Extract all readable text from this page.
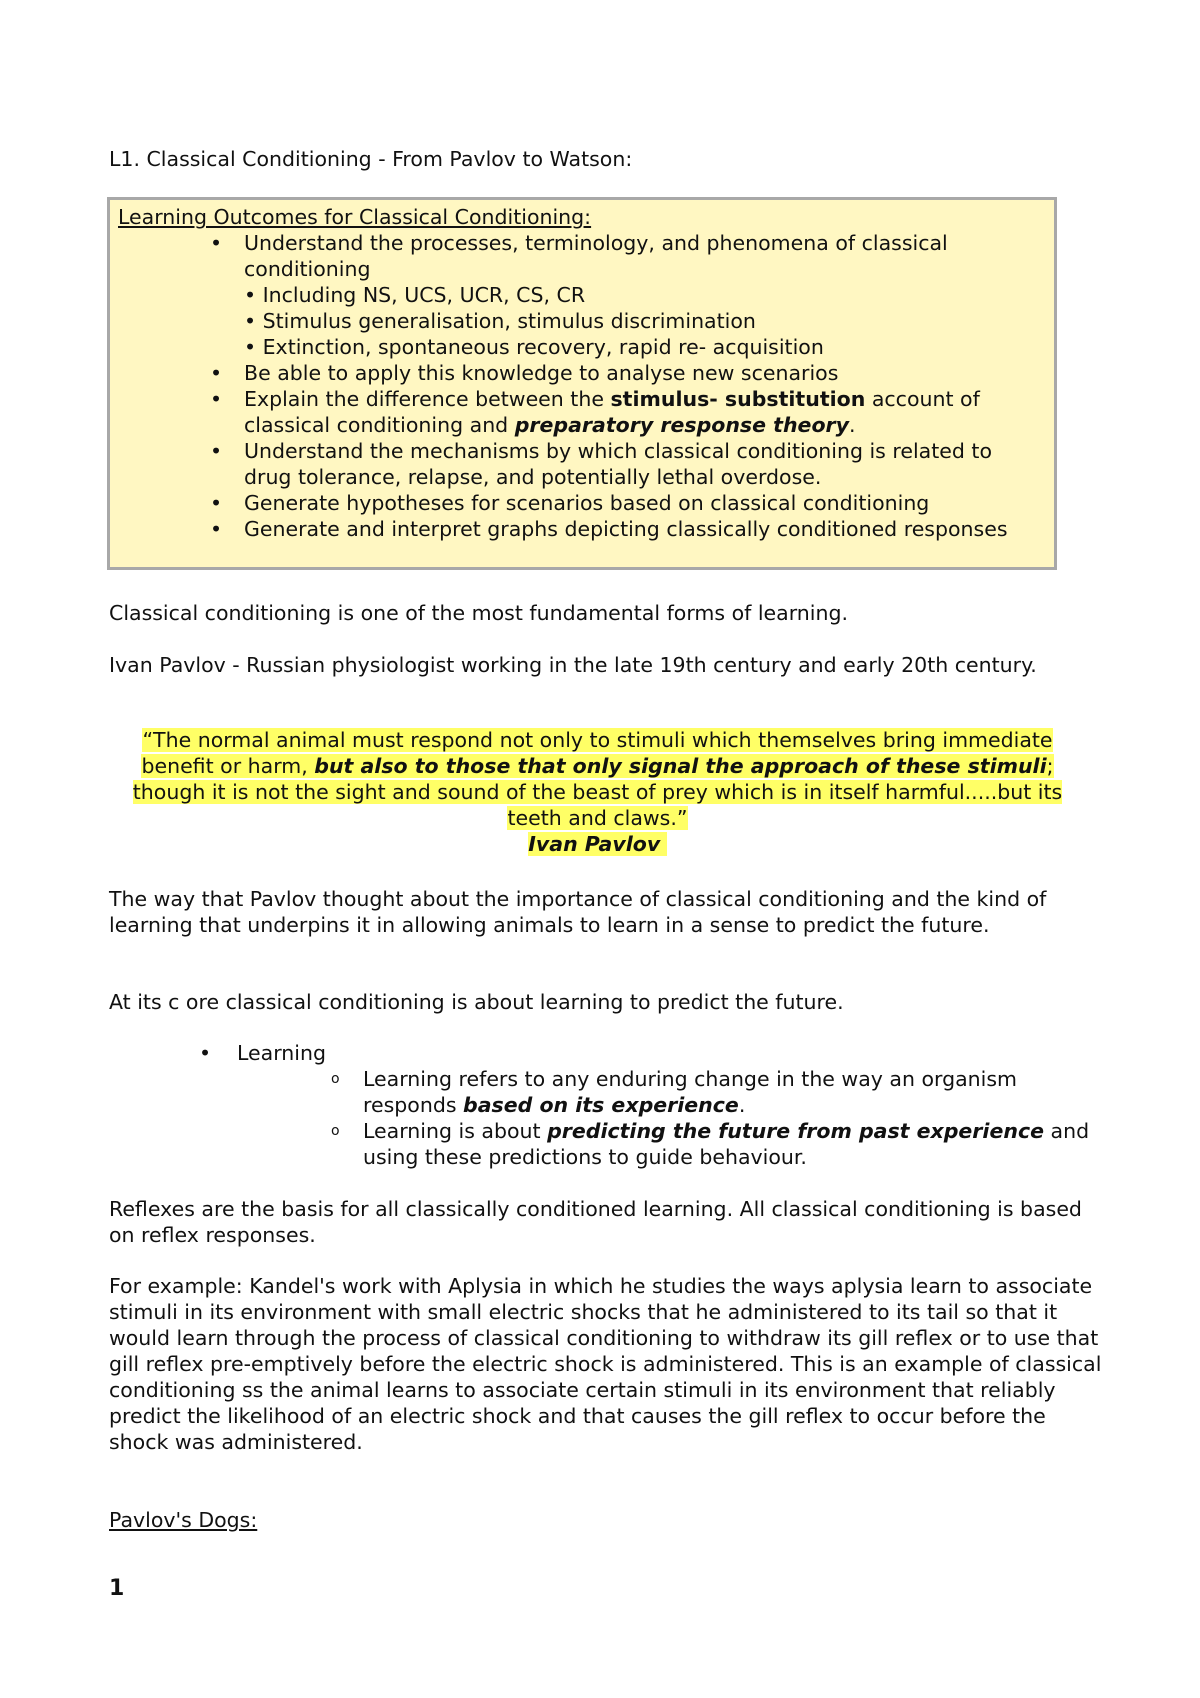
L1. Classical Conditioning - From Pavlov to Watson:
Learning Outcomes for Classical Conditioning:
• Understand the processes, terminology, and phenomena of classical conditioning
• Including NS, UCS, UCR, CS, CR
• Stimulus generalisation, stimulus discrimination
• Extinction, spontaneous recovery, rapid re- acquisition
• Be able to apply this knowledge to analyse new scenarios
• Explain the difference between the stimulus- substitution account of classical conditioning and preparatory response theory.
• Understand the mechanisms by which classical conditioning is related to drug tolerance, relapse, and potentially lethal overdose.
• Generate hypotheses for scenarios based on classical conditioning
• Generate and interpret graphs depicting classically conditioned responses
Classical conditioning is one of the most fundamental forms of learning.
Ivan Pavlov - Russian physiologist working in the late 19th century and early 20th century.
“The normal animal must respond not only to stimuli which themselves bring immediate benefit or harm, but also to those that only signal the approach of these stimuli; though it is not the sight and sound of the beast of prey which is in itself harmful.....but its teeth and claws.”
Ivan Pavlov
The way that Pavlov thought about the importance of classical conditioning and the kind of learning that underpins it in allowing animals to learn in a sense to predict the future.
At its c ore classical conditioning is about learning to predict the future.
• Learning
o Learning refers to any enduring change in the way an organism responds based on its experience.
o Learning is about predicting the future from past experience and using these predictions to guide behaviour.
Reflexes are the basis for all classically conditioned learning. All classical conditioning is based on reflex responses.
For example: Kandel's work with Aplysia in which he studies the ways aplysia learn to associate stimuli in its environment with small electric shocks that he administered to its tail so that it would learn through the process of classical conditioning to withdraw its gill reflex or to use that gill reflex pre-emptively before the electric shock is administered. This is an example of classical conditioning ss the animal learns to associate certain stimuli in its environment that reliably predict the likelihood of an electric shock and that causes the gill reflex to occur before the shock was administered.
Pavlov's Dogs:
1
